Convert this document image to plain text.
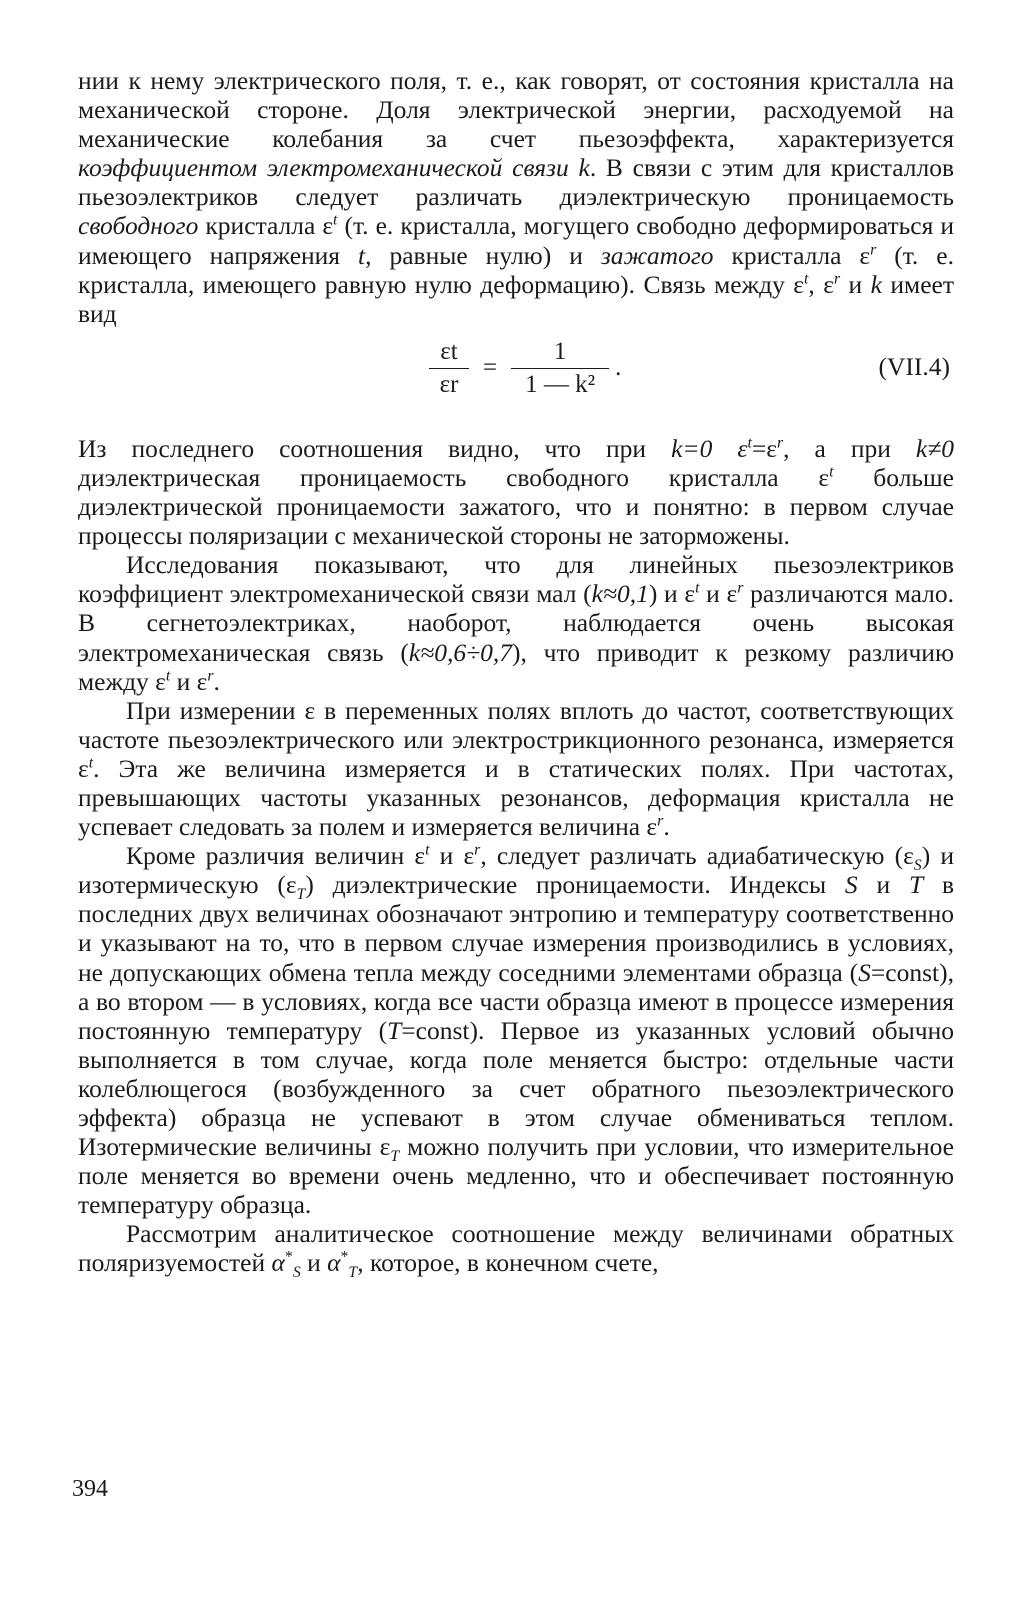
нии к нему электрического поля, т. е., как говорят, от состояния кристалла на механической стороне. Доля электрической энергии, расходуемой на механические колебания за счет пьезоэффекта, характеризуется коэффициентом электромеханической связи k. В связи с этим для кристаллов пьезоэлектриков следует различать диэлектрическую проницаемость свободного кристалла $\varepsilon^t$ (т. е. кристалла, могущего свободно деформироваться и имеющего напряжения t, равные нулю) и зажатого кристалла $\varepsilon^r$ (т. е. кристалла, имеющего равную нулю деформацию). Связь между $\varepsilon^t$, $\varepsilon^r$ и k имеет вид

$\frac{\varepsilon t}{\varepsilon r} = \frac{1}{\text{1 — k²}}$ .	(VII.4)

Из последнего соотношения видно, что при k=0 $\varepsilon^t=\varepsilon^r$, а при k≠0 диэлектрическая проницаемость свободного кристалла $\varepsilon^t$ больше диэлектрической проницаемости зажатого, что и понятно: в первом случае процессы поляризации с механической стороны не заторможены.

Исследования показывают, что для линейных пьезоэлектриков коэффициент электромеханической связи мал (k≈0,1) и $\varepsilon^t$ и $\varepsilon^r$ различаются мало. В сегнетоэлектриках, наоборот, наблюдается очень высокая электромеханическая связь (k≈0,6÷0,7), что приводит к резкому различию между $\varepsilon^t$ и $\varepsilon^r$.

При измерении ε в переменных полях вплоть до частот, соответствующих частоте пьезоэлектрического или электрострикционного резонанса, измеряется $\varepsilon^t$. Эта же величина измеряется и в статических полях. При частотах, превышающих частоты указанных резонансов, деформация кристалла не успевает следовать за полем и измеряется величина $\varepsilon^r$.

Кроме различия величин $\varepsilon^t$ и $\varepsilon^r$, следует различать адиабатическую $(\varepsilon_S)$ и изотермическую $(\varepsilon_T)$ диэлектрические проницаемости. Индексы S и T в последних двух величинах обозначают энтропию и температуру соответственно и указывают на то, что в первом случае измерения производились в условиях, не допускающих обмена тепла между соседними элементами образца (S=const), а во втором — в условиях, когда все части образца имеют в процессе измерения постоянную температуру (T=const). Первое из указанных условий обычно выполняется в том случае, когда поле меняется быстро: отдельные части колеблющегося (возбужденного за счет обратного пьезоэлектрического эффекта) образца не успевают в этом случае обмениваться теплом. Изотермические величины $\varepsilon_T$ можно получить при условии, что измерительное поле меняется во времени очень медленно, что и обеспечивает постоянную температуру образца.

Рассмотрим аналитическое соотношение между величинами обратных поляризуемостей $\alpha^*_S$ и $\alpha^*_T$, которое, в конечном счете,

394
